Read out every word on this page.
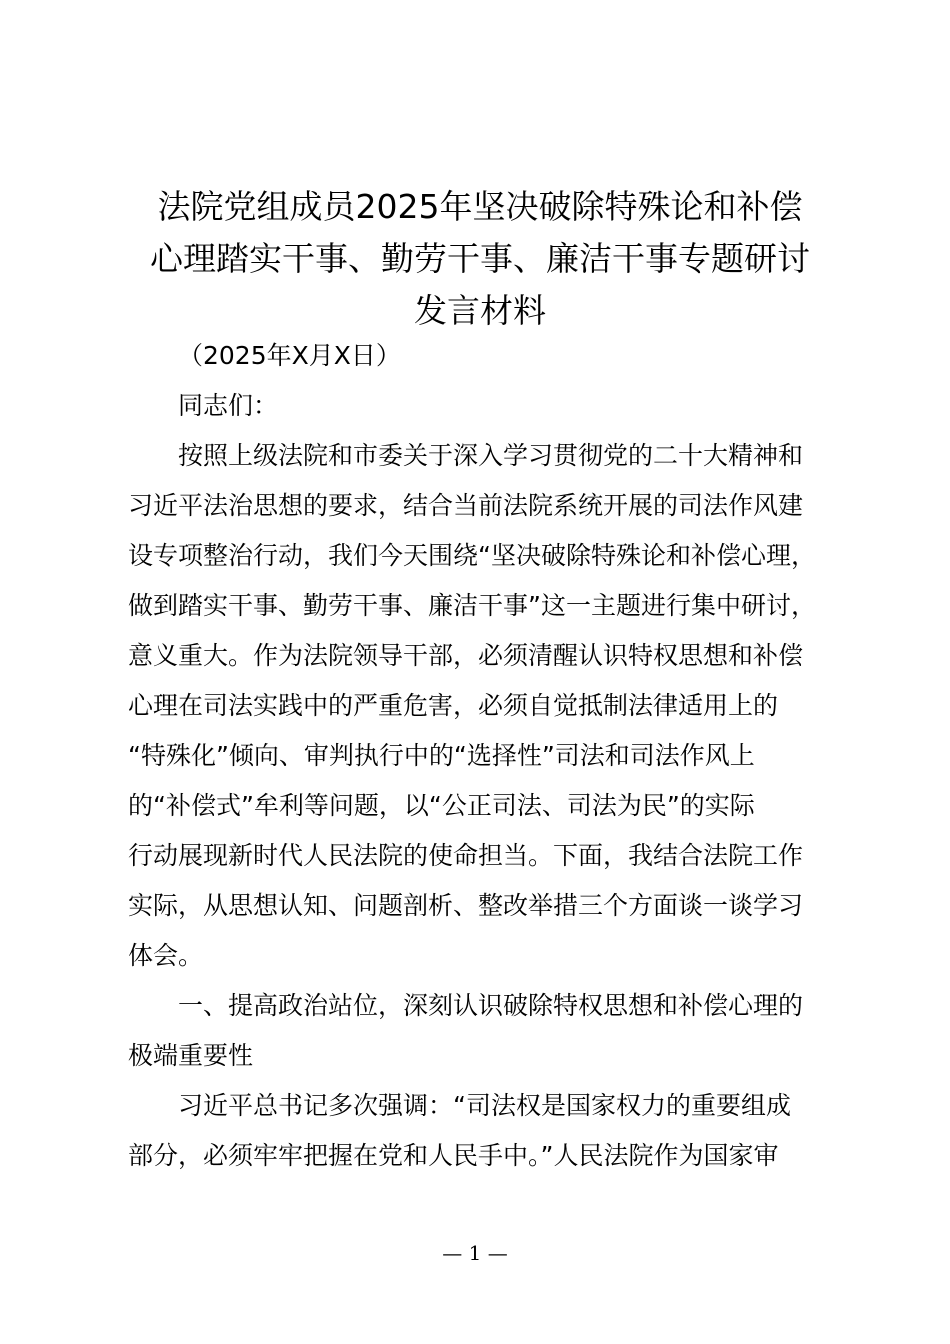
法院党组成员2025年坚决破除特殊论和补偿
心理踏实干事、勤劳干事、廉洁干事专题研讨
发言材料
（2025年X月X日）
同志们：
按照上级法院和市委关于深入学习贯彻党的二十大精神和
习近平法治思想的要求，结合当前法院系统开展的司法作风建
设专项整治行动，我们今天围绕“坚决破除特殊论和补偿心理，
做到踏实干事、勤劳干事、廉洁干事”这一主题进行集中研讨，
意义重大。作为法院领导干部，必须清醒认识特权思想和补偿
心理在司法实践中的严重危害，必须自觉抵制法律适用上的
“特殊化”倾向、审判执行中的“选择性”司法和司法作风上
的“补偿式”牟利等问题，以“公正司法、司法为民”的实际
行动展现新时代人民法院的使命担当。下面，我结合法院工作
实际，从思想认知、问题剖析、整改举措三个方面谈一谈学习
体会。
一、提高政治站位，深刻认识破除特权思想和补偿心理的
极端重要性
习近平总书记多次强调：“司法权是国家权力的重要组成
部分，必须牢牢把握在党和人民手中。”人民法院作为国家审
— 1 —
